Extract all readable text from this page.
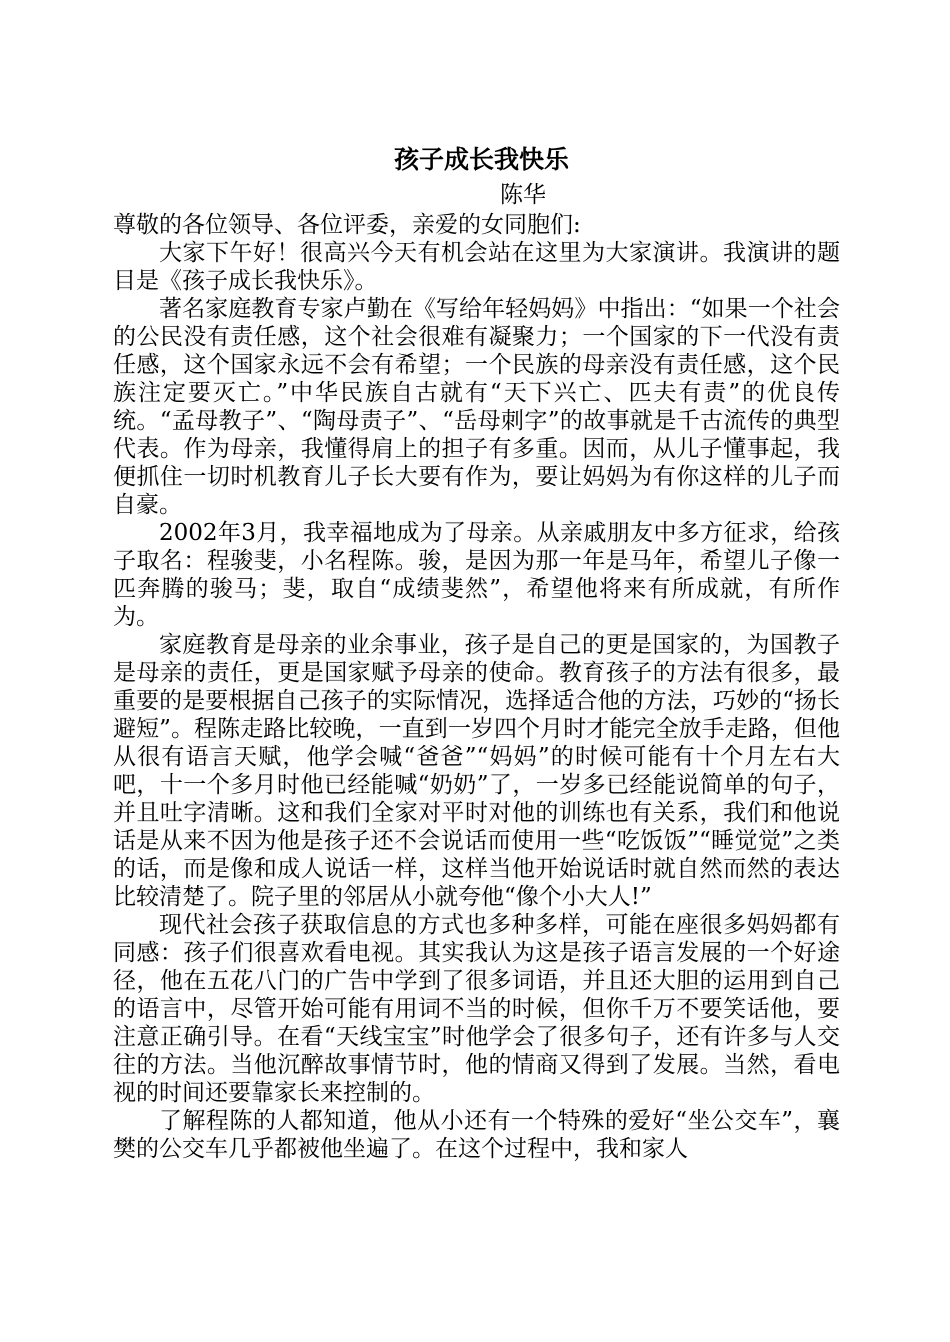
孩子成长我快乐
陈华

尊敬的各位领导、各位评委，亲爱的女同胞们:

大家下午好！很高兴今天有机会站在这里为大家演讲。我演讲的题目是《孩子成长我快乐》。

著名家庭教育专家卢勤在《写给年轻妈妈》中指出：“如果一个社会的公民没有责任感，这个社会很难有凝聚力；一个国家的下一代没有责任感，这个国家永远不会有希望；一个民族的母亲没有责任感，这个民族注定要灭亡。”中华民族自古就有“天下兴亡、匹夫有责”的优良传统。“孟母教子”、“陶母责子”、“岳母刺字”的故事就是千古流传的典型代表。作为母亲，我懂得肩上的担子有多重。因而，从儿子懂事起，我便抓住一切时机教育儿子长大要有作为，要让妈妈为有你这样的儿子而自豪。

2002年3月，我幸福地成为了母亲。从亲戚朋友中多方征求，给孩子取名：程骏斐，小名程陈。骏，是因为那一年是马年，希望儿子像一匹奔腾的骏马；斐，取自“成绩斐然”，希望他将来有所成就，有所作为。

家庭教育是母亲的业余事业，孩子是自己的更是国家的，为国教子是母亲的责任，更是国家赋予母亲的使命。教育孩子的方法有很多，最重要的是要根据自己孩子的实际情况，选择适合他的方法，巧妙的“扬长避短”。程陈走路比较晚，一直到一岁四个月时才能完全放手走路，但他从很有语言天赋，他学会喊“爸爸”“妈妈”的时候可能有十个月左右大吧，十一个多月时他已经能喊“奶奶”了，一岁多已经能说简单的句子，并且吐字清晰。这和我们全家对平时对他的训练也有关系，我们和他说话是从来不因为他是孩子还不会说话而使用一些“吃饭饭”“睡觉觉”之类的话，而是像和成人说话一样，这样当他开始说话时就自然而然的表达比较清楚了。院子里的邻居从小就夸他“像个小大人!”

现代社会孩子获取信息的方式也多种多样，可能在座很多妈妈都有同感：孩子们很喜欢看电视。其实我认为这是孩子语言发展的一个好途径，他在五花八门的广告中学到了很多词语，并且还大胆的运用到自己的语言中，尽管开始可能有用词不当的时候，但你千万不要笑话他，要注意正确引导。在看“天线宝宝”时他学会了很多句子，还有许多与人交往的方法。当他沉醉故事情节时，他的情商又得到了发展。当然，看电视的时间还要靠家长来控制的。

了解程陈的人都知道，他从小还有一个特殊的爱好“坐公交车”，襄樊的公交车几乎都被他坐遍了。在这个过程中，我和家人
